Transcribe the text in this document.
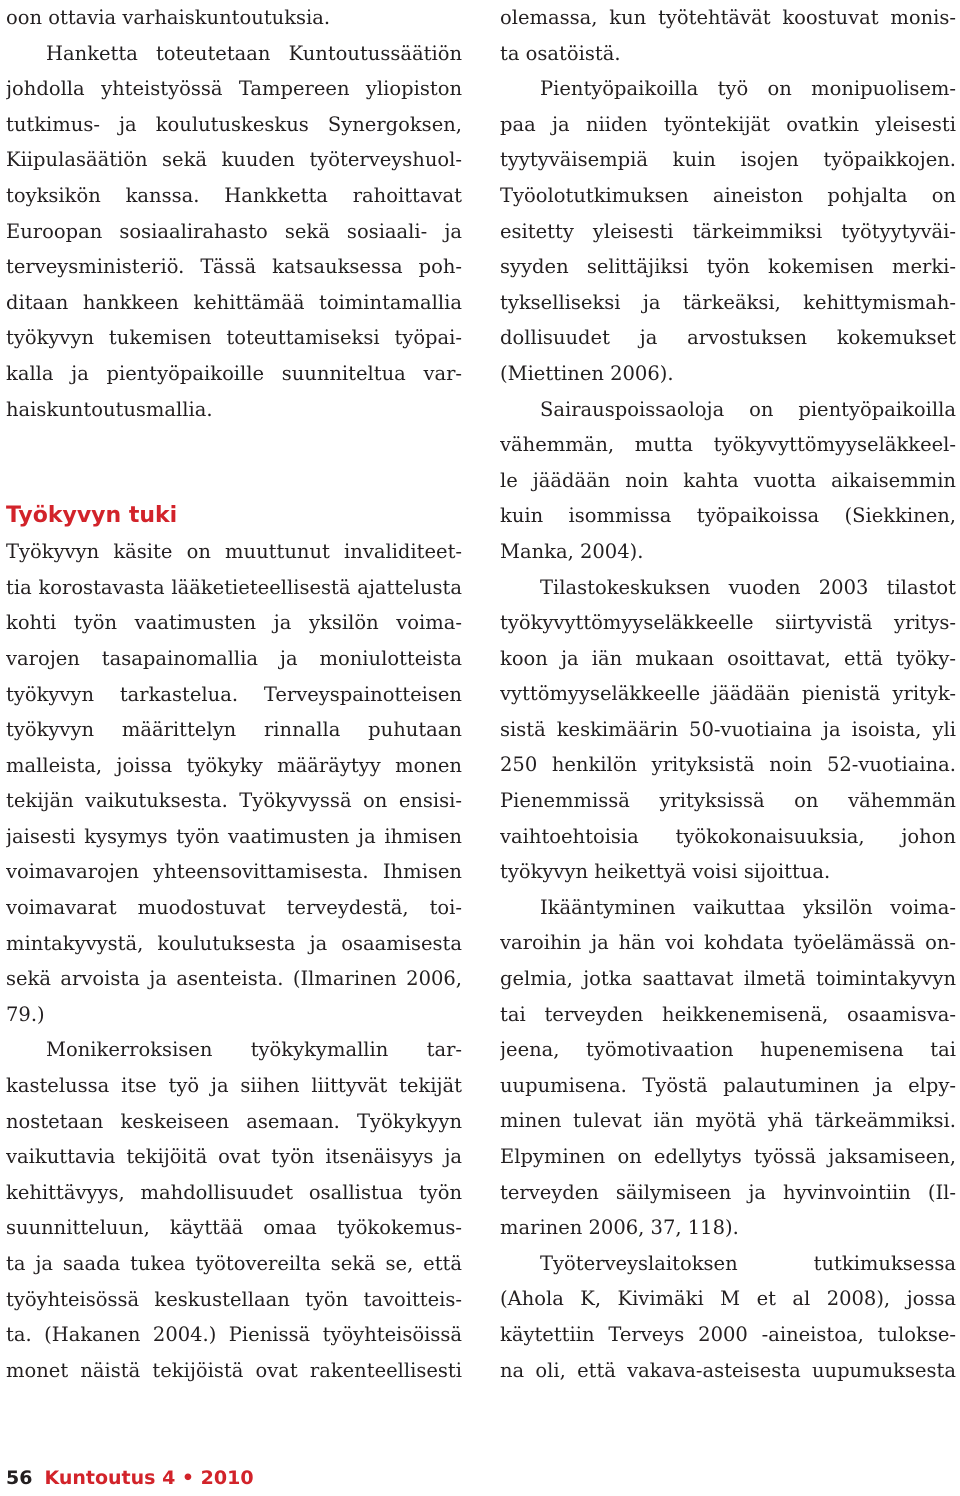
oon ottavia varhaiskuntoutuksia.
Hanketta toteutetaan Kuntoutussäätiön
johdolla yhteistyössä Tampereen yliopiston
tutkimus- ja koulutuskeskus Synergoksen,
Kiipulasäätiön sekä kuuden työterveyshuol-
toyksikön kanssa. Hankketta rahoittavat
Euroopan sosiaalirahasto sekä sosiaali- ja
terveysministeriö. Tässä katsauksessa poh-
ditaan hankkeen kehittämää toimintamallia
työkyvyn tukemisen toteuttamiseksi työpai-
kalla ja pientyöpaikoille suunniteltua var-
haiskuntoutusmallia.
Työkyvyn tuki
Työkyvyn käsite on muuttunut invaliditeet-
tia korostavasta lääketieteellisestä ajattelusta
kohti työn vaatimusten ja yksilön voima-
varojen tasapainomallia ja moniulotteista
työkyvyn tarkastelua. Terveyspainotteisen
työkyvyn määrittelyn rinnalla puhutaan
malleista, joissa työkyky määräytyy monen
tekijän vaikutuksesta. Työkyvyssä on ensisi-
jaisesti kysymys työn vaatimusten ja ihmisen
voimavarojen yhteensovittamisesta. Ihmisen
voimavarat muodostuvat terveydestä, toi-
mintakyvystä, koulutuksesta ja osaamisesta
sekä arvoista ja asenteista. (Ilmarinen 2006,
79.)
Monikerroksisen työkykymallin tar-
kastelussa itse työ ja siihen liittyvät tekijät
nostetaan keskeiseen asemaan. Työkykyyn
vaikuttavia tekijöitä ovat työn itsenäisyys ja
kehittävyys, mahdollisuudet osallistua työn
suunnitteluun, käyttää omaa työkokemus-
ta ja saada tukea työtovereilta sekä se, että
työyhteisössä keskustellaan työn tavoitteis-
ta. (Hakanen 2004.) Pienissä työyhteisöissä
monet näistä tekijöistä ovat rakenteellisesti
olemassa, kun työtehtävät koostuvat monis-
ta osatöistä.
Pientyöpaikoilla työ on monipuolisem-
paa ja niiden työntekijät ovatkin yleisesti
tyytyväisempiä kuin isojen työpaikkojen.
Työolotutkimuksen aineiston pohjalta on
esitetty yleisesti tärkeimmiksi työtyytyväi-
syyden selittäjiksi työn kokemisen merki-
tykselliseksi ja tärkeäksi, kehittymismah-
dollisuudet ja arvostuksen kokemukset
(Miettinen 2006).
Sairauspoissaoloja on pientyöpaikoilla
vähemmän, mutta työkyvyttömyyseläkkeel-
le jäädään noin kahta vuotta aikaisemmin
kuin isommissa työpaikoissa (Siekkinen,
Manka, 2004).
Tilastokeskuksen vuoden 2003 tilastot
työkyvyttömyyseläkkeelle siirtyvistä yritys-
koon ja iän mukaan osoittavat, että työky-
vyttömyyseläkkeelle jäädään pienistä yrityk-
sistä keskimäärin 50-vuotiaina ja isoista, yli
250 henkilön yrityksistä noin 52-vuotiaina.
Pienemmissä yrityksissä on vähemmän
vaihtoehtoisia työkokonaisuuksia, johon
työkyvyn heikettyä voisi sijoittua.
Ikääntyminen vaikuttaa yksilön voima-
varoihin ja hän voi kohdata työelämässä on-
gelmia, jotka saattavat ilmetä toimintakyvyn
tai terveyden heikkenemisenä, osaamisva-
jeena, työmotivaation hupenemisena tai
uupumisena. Työstä palautuminen ja elpy-
minen tulevat iän myötä yhä tärkeämmiksi.
Elpyminen on edellytys työssä jaksamiseen,
terveyden säilymiseen ja hyvinvointiin (Il-
marinen 2006, 37, 118).
Työterveyslaitoksen tutkimuksessa
(Ahola K, Kivimäki M et al 2008), jossa
käytettiin Terveys 2000 -aineistoa, tulokse-
na oli, että vakava-asteisesta uupumuksesta
56 Kuntoutus 4 • 2010
